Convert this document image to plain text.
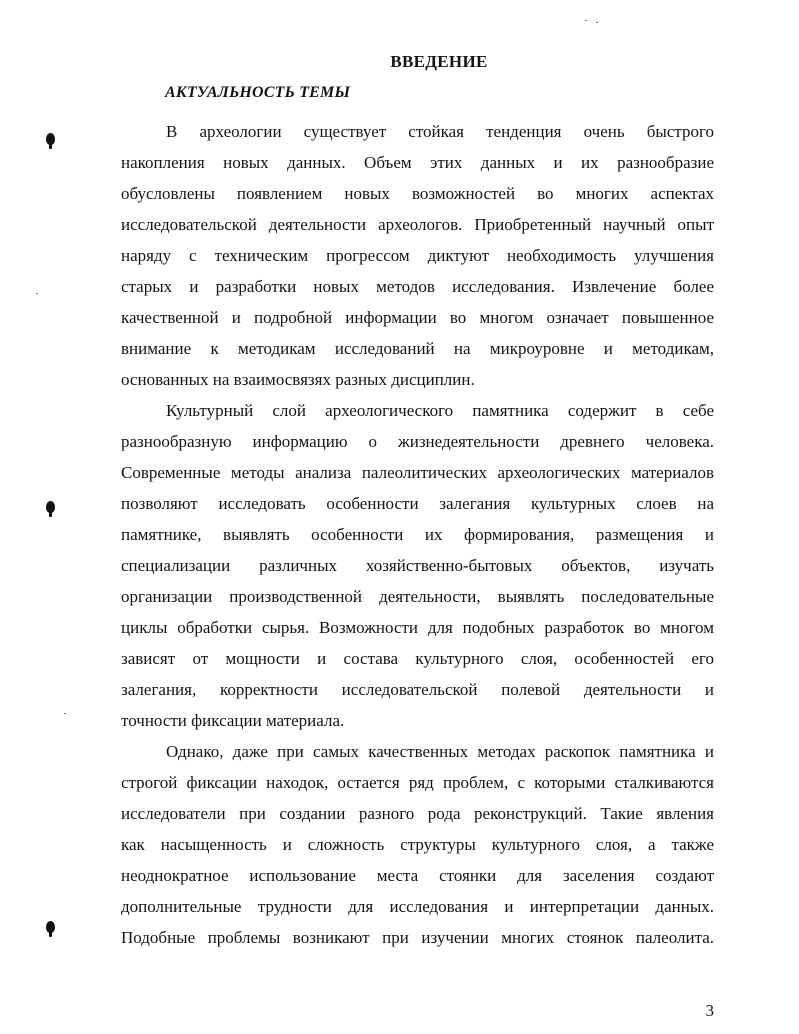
ВВЕДЕНИЕ
АКТУАЛЬНОСТЬ ТЕМЫ
В археологии существует стойкая тенденция очень быстрого
накопления новых данных. Объем этих данных и их разнообразие
обусловлены появлением новых возможностей во многих аспектах
исследовательской деятельности археологов. Приобретенный научный опыт
наряду с техническим прогрессом диктуют необходимость улучшения
старых и разработки новых методов исследования. Извлечение более
качественной и подробной информации во многом означает повышенное
внимание к методикам исследований на микроуровне и методикам,
основанных на взаимосвязях разных дисциплин.
Культурный слой археологического памятника содержит в себе
разнообразную информацию о жизнедеятельности древнего человека.
Современные методы анализа палеолитических археологических материалов
позволяют исследовать особенности залегания культурных слоев на
памятнике, выявлять особенности их формирования, размещения и
специализации различных хозяйственно-бытовых объектов, изучать
организации производственной деятельности, выявлять последовательные
циклы обработки сырья. Возможности для подобных разработок во многом
зависят от мощности и состава культурного слоя, особенностей его
залегания, корректности исследовательской полевой деятельности и
точности фиксации материала.
Однако, даже при самых качественных методах раскопок памятника и
строгой фиксации находок, остается ряд проблем, с которыми сталкиваются
исследователи при создании разного рода реконструкций. Такие явления
как насыщенность и сложность структуры культурного слоя, а также
неоднократное использование места стоянки для заселения создают
дополнительные трудности для исследования и интерпретации данных.
Подобные проблемы возникают при изучении многих стоянок палеолита.
3
